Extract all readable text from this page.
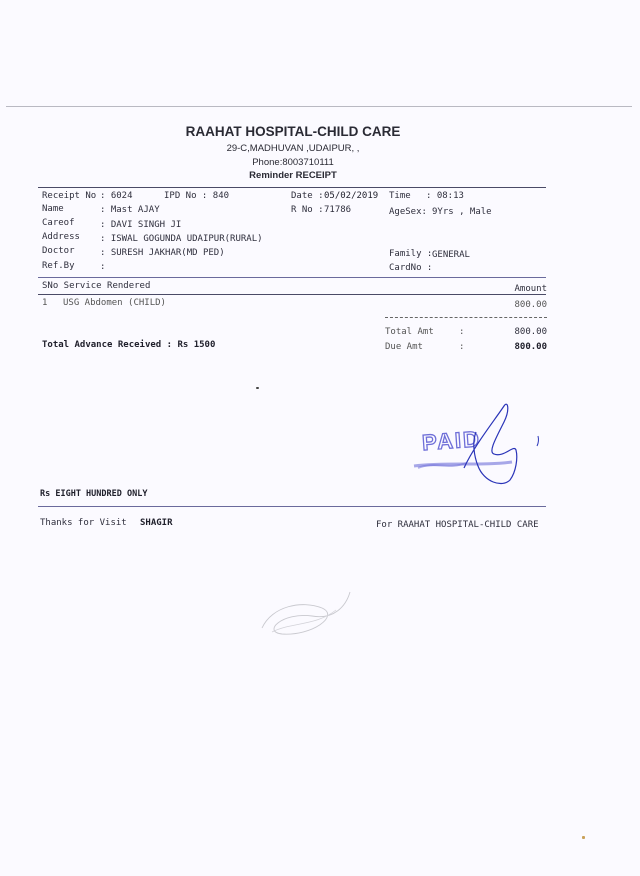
RAAHAT HOSPITAL-CHILD CARE
29-C,MADHUVAN ,UDAIPUR, ,
Phone:8003710111
Reminder RECEIPT
Receipt No : 6024	IPD No : 840	Date : 05/02/2019 Time : 08:13
Name	: Mast AJAY	R No : 71786	AgeSex: 9Yrs , Male
Careof	: DAVI SINGH JI
Address : ISWAL GOGUNDA UDAIPUR(RURAL)
Doctor	: SURESH JAKHAR(MD PED)	Family : GENERAL
Ref.By	:	CardNo :
SNo Service Rendered	Amount
1 USG Abdomen (CHILD)	800.00
Total Amt	:	800.00
Due Amt	:	800.00
Total Advance Received : Rs 1500
PAID
Rs EIGHT HUNDRED ONLY
Thanks for Visit SHAGIR	For RAAHAT HOSPITAL-CHILD CARE
